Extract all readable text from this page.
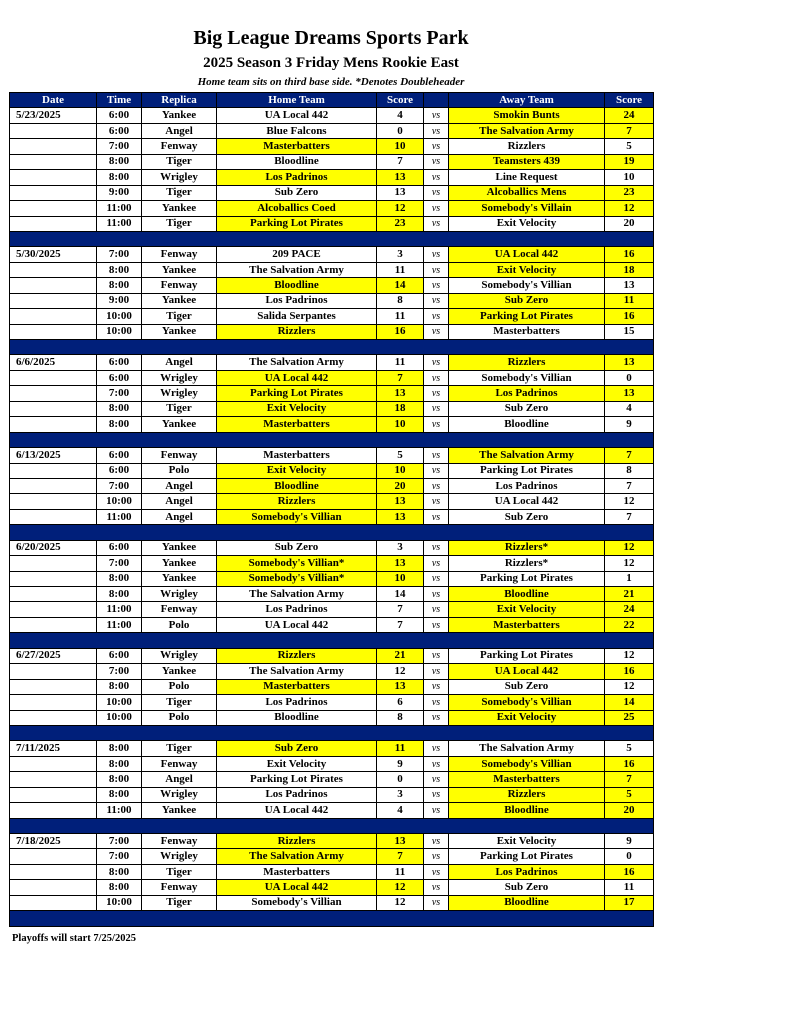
Big League Dreams Sports Park
2025 Season 3 Friday Mens Rookie East
Home team sits on third base side. *Denotes Doubleheader
Date	Time	Replica	Home Team	Score		Away Team	Score
5/23/2025	6:00	Yankee	UA Local 442	4	vs	Smokin Bunts	24
	6:00	Angel	Blue Falcons	0	vs	The Salvation Army	7
	7:00	Fenway	Masterbatters	10	vs	Rizzlers	5
	8:00	Tiger	Bloodline	7	vs	Teamsters 439	19
	8:00	Wrigley	Los Padrinos	13	vs	Line Request	10
	9:00	Tiger	Sub Zero	13	vs	Alcoballics Mens	23
	11:00	Yankee	Alcoballics Coed	12	vs	Somebody's Villain	12
	11:00	Tiger	Parking Lot Pirates	23	vs	Exit Velocity	20

5/30/2025	7:00	Fenway	209 PACE	3	vs	UA Local 442	16
	8:00	Yankee	The Salvation Army	11	vs	Exit Velocity	18
	8:00	Fenway	Bloodline	14	vs	Somebody's Villian	13
	9:00	Yankee	Los Padrinos	8	vs	Sub Zero	11
	10:00	Tiger	Salida Serpantes	11	vs	Parking Lot Pirates	16
	10:00	Yankee	Rizzlers	16	vs	Masterbatters	15

6/6/2025	6:00	Angel	The Salvation Army	11	vs	Rizzlers	13
	6:00	Wrigley	UA Local 442	7	vs	Somebody's Villian	0
	7:00	Wrigley	Parking Lot Pirates	13	vs	Los Padrinos	13
	8:00	Tiger	Exit Velocity	18	vs	Sub Zero	4
	8:00	Yankee	Masterbatters	10	vs	Bloodline	9

6/13/2025	6:00	Fenway	Masterbatters	5	vs	The Salvation Army	7
	6:00	Polo	Exit Velocity	10	vs	Parking Lot Pirates	8
	7:00	Angel	Bloodline	20	vs	Los Padrinos	7
	10:00	Angel	Rizzlers	13	vs	UA Local 442	12
	11:00	Angel	Somebody's Villian	13	vs	Sub Zero	7

6/20/2025	6:00	Yankee	Sub Zero	3	vs	Rizzlers*	12
	7:00	Yankee	Somebody's Villian*	13	vs	Rizzlers*	12
	8:00	Yankee	Somebody's Villian*	10	vs	Parking Lot Pirates	1
	8:00	Wrigley	The Salvation Army	14	vs	Bloodline	21
	11:00	Fenway	Los Padrinos	7	vs	Exit Velocity	24
	11:00	Polo	UA Local 442	7	vs	Masterbatters	22

6/27/2025	6:00	Wrigley	Rizzlers	21	vs	Parking Lot Pirates	12
	7:00	Yankee	The Salvation Army	12	vs	UA Local 442	16
	8:00	Polo	Masterbatters	13	vs	Sub Zero	12
	10:00	Tiger	Los Padrinos	6	vs	Somebody's Villian	14
	10:00	Polo	Bloodline	8	vs	Exit Velocity	25

7/11/2025	8:00	Tiger	Sub Zero	11	vs	The Salvation Army	5
	8:00	Fenway	Exit Velocity	9	vs	Somebody's Villian	16
	8:00	Angel	Parking Lot Pirates	0	vs	Masterbatters	7
	8:00	Wrigley	Los Padrinos	3	vs	Rizzlers	5
	11:00	Yankee	UA Local 442	4	vs	Bloodline	20

7/18/2025	7:00	Fenway	Rizzlers	13	vs	Exit Velocity	9
	7:00	Wrigley	The Salvation Army	7	vs	Parking Lot Pirates	0
	8:00	Tiger	Masterbatters	11	vs	Los Padrinos	16
	8:00	Fenway	UA Local 442	12	vs	Sub Zero	11
	10:00	Tiger	Somebody's Villian	12	vs	Bloodline	17

Playoffs will start 7/25/2025
